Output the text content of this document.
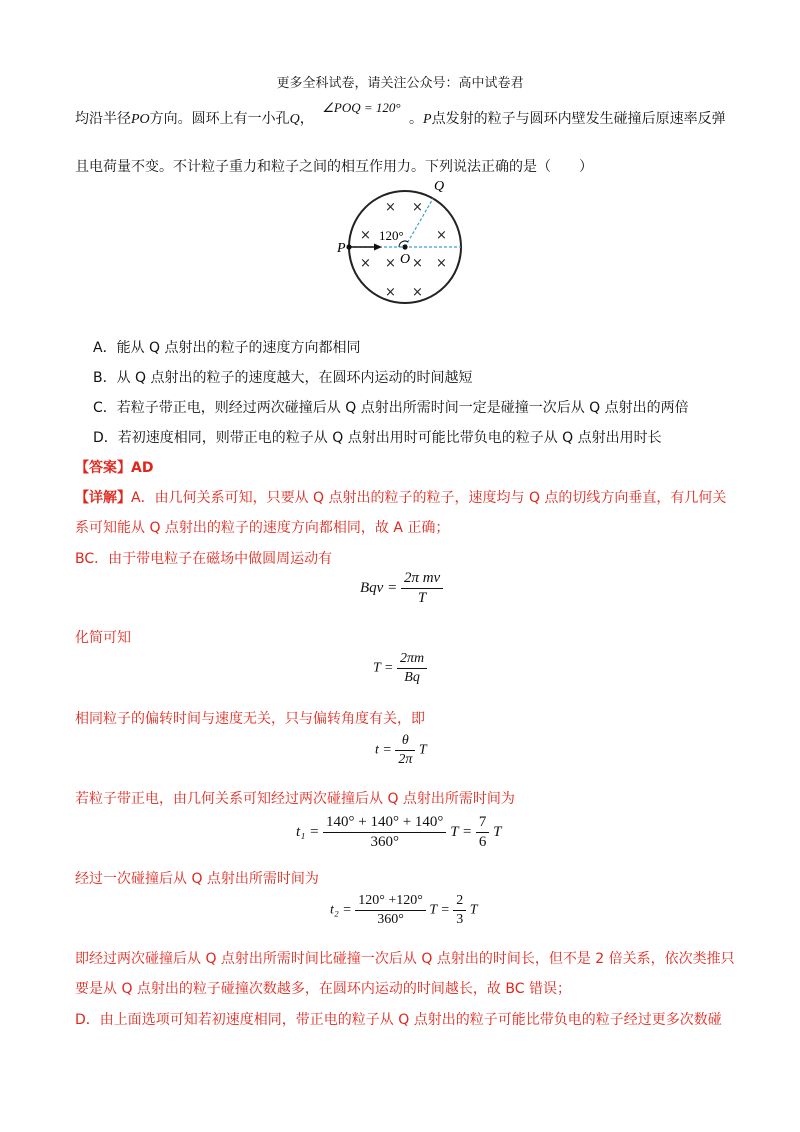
更多全科试卷，请关注公众号：高中试卷君
均沿半径PO方向。圆环上有一小孔Q， ∠POQ = 120° 。P点发射的粒子与圆环内壁发生碰撞后原速率反弹
且电荷量不变。不计粒子重力和粒子之间的相互作用力。下列说法正确的是（　　）
P
O
Q
120°
× ×
×	×
× × × ×
× ×
A．能从 Q 点射出的粒子的速度方向都相同
B．从 Q 点射出的粒子的速度越大，在圆环内运动的时间越短
C．若粒子带正电，则经过两次碰撞后从 Q 点射出所需时间一定是碰撞一次后从 Q 点射出的两倍
D．若初速度相同，则带正电的粒子从 Q 点射出用时可能比带负电的粒子从 Q 点射出用时长
【答案】AD
【详解】A．由几何关系可知，只要从 Q 点射出的粒子的粒子，速度均与 Q 点的切线方向垂直，有几何关
系可知能从 Q 点射出的粒子的速度方向都相同，故 A 正确；
BC．由于带电粒子在磁场中做圆周运动有
Bqv = $\frac{\text{2π mv}}{T}$
化简可知
$T = \frac{2\pi m}{Bq}$
相同粒子的偏转时间与速度无关，只与偏转角度有关，即
$t = \frac{\theta}{2\pi}$ T
若粒子带正电，由几何关系可知经过两次碰撞后从 Q 点射出所需时间为
$t_1 = \frac{140^\circ + 140^\circ + 140^\circ}{360^\circ}$ $T = \frac{7}{6}$ T
经过一次碰撞后从 Q 点射出所需时间为
$t_2 = \frac{120^\circ +120^\circ}{360^\circ}$ $T = \frac{2}{3}$ T
即经过两次碰撞后从 Q 点射出所需时间比碰撞一次后从 Q 点射出的时间长，但不是 2 倍关系，依次类推只
要是从 Q 点射出的粒子碰撞次数越多，在圆环内运动的时间越长，故 BC 错误；
D．由上面选项可知若初速度相同，带正电的粒子从 Q 点射出的粒子可能比带负电的粒子经过更多次数碰
